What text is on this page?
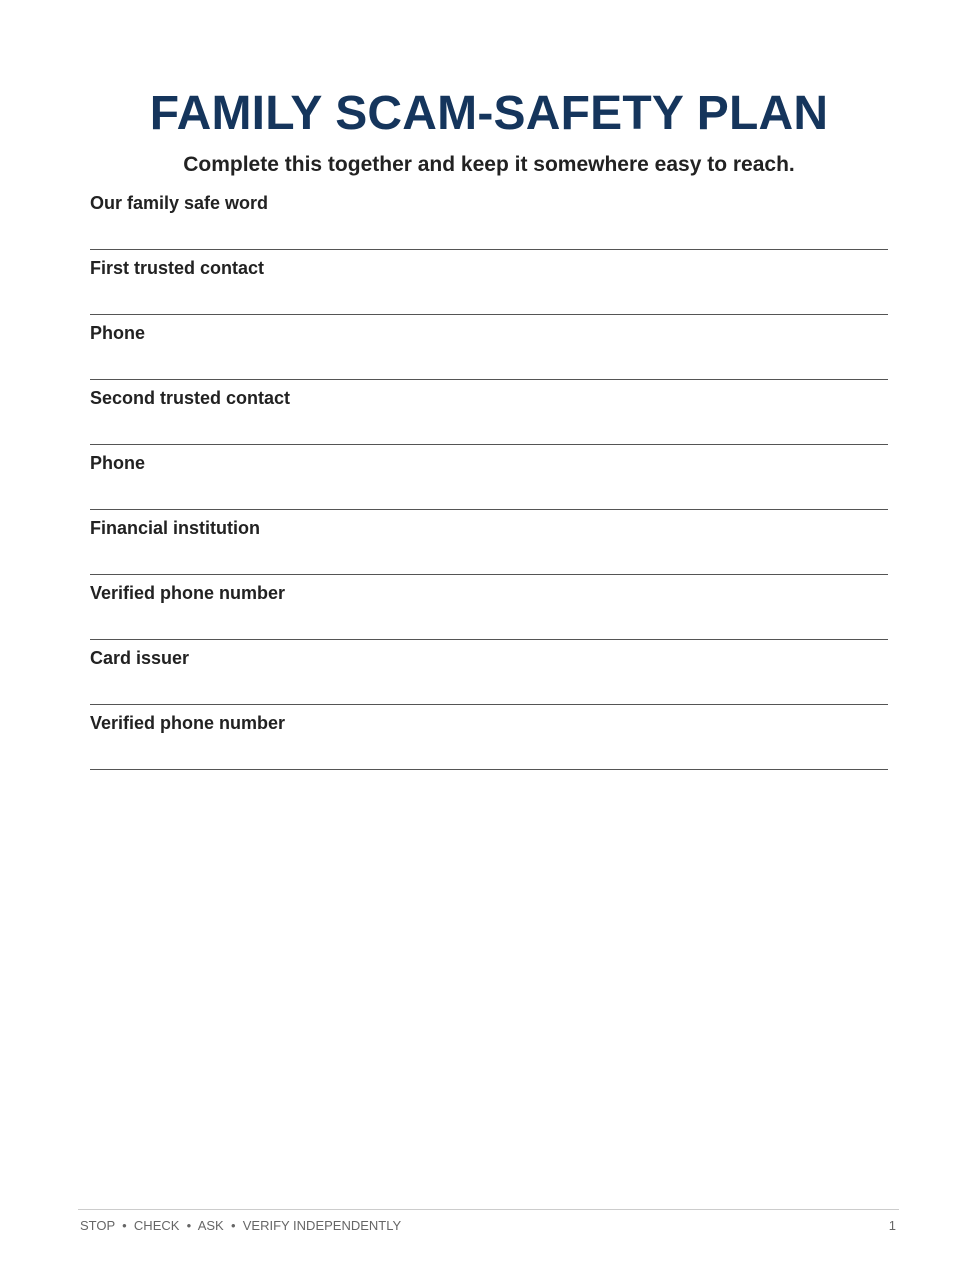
FAMILY SCAM-SAFETY PLAN

Complete this together and keep it somewhere easy to reach.

Our family safe word
First trusted contact
Phone
Second trusted contact
Phone
Financial institution
Verified phone number
Card issuer
Verified phone number
STOP  •  CHECK  •  ASK  •  VERIFY INDEPENDENTLY	1
